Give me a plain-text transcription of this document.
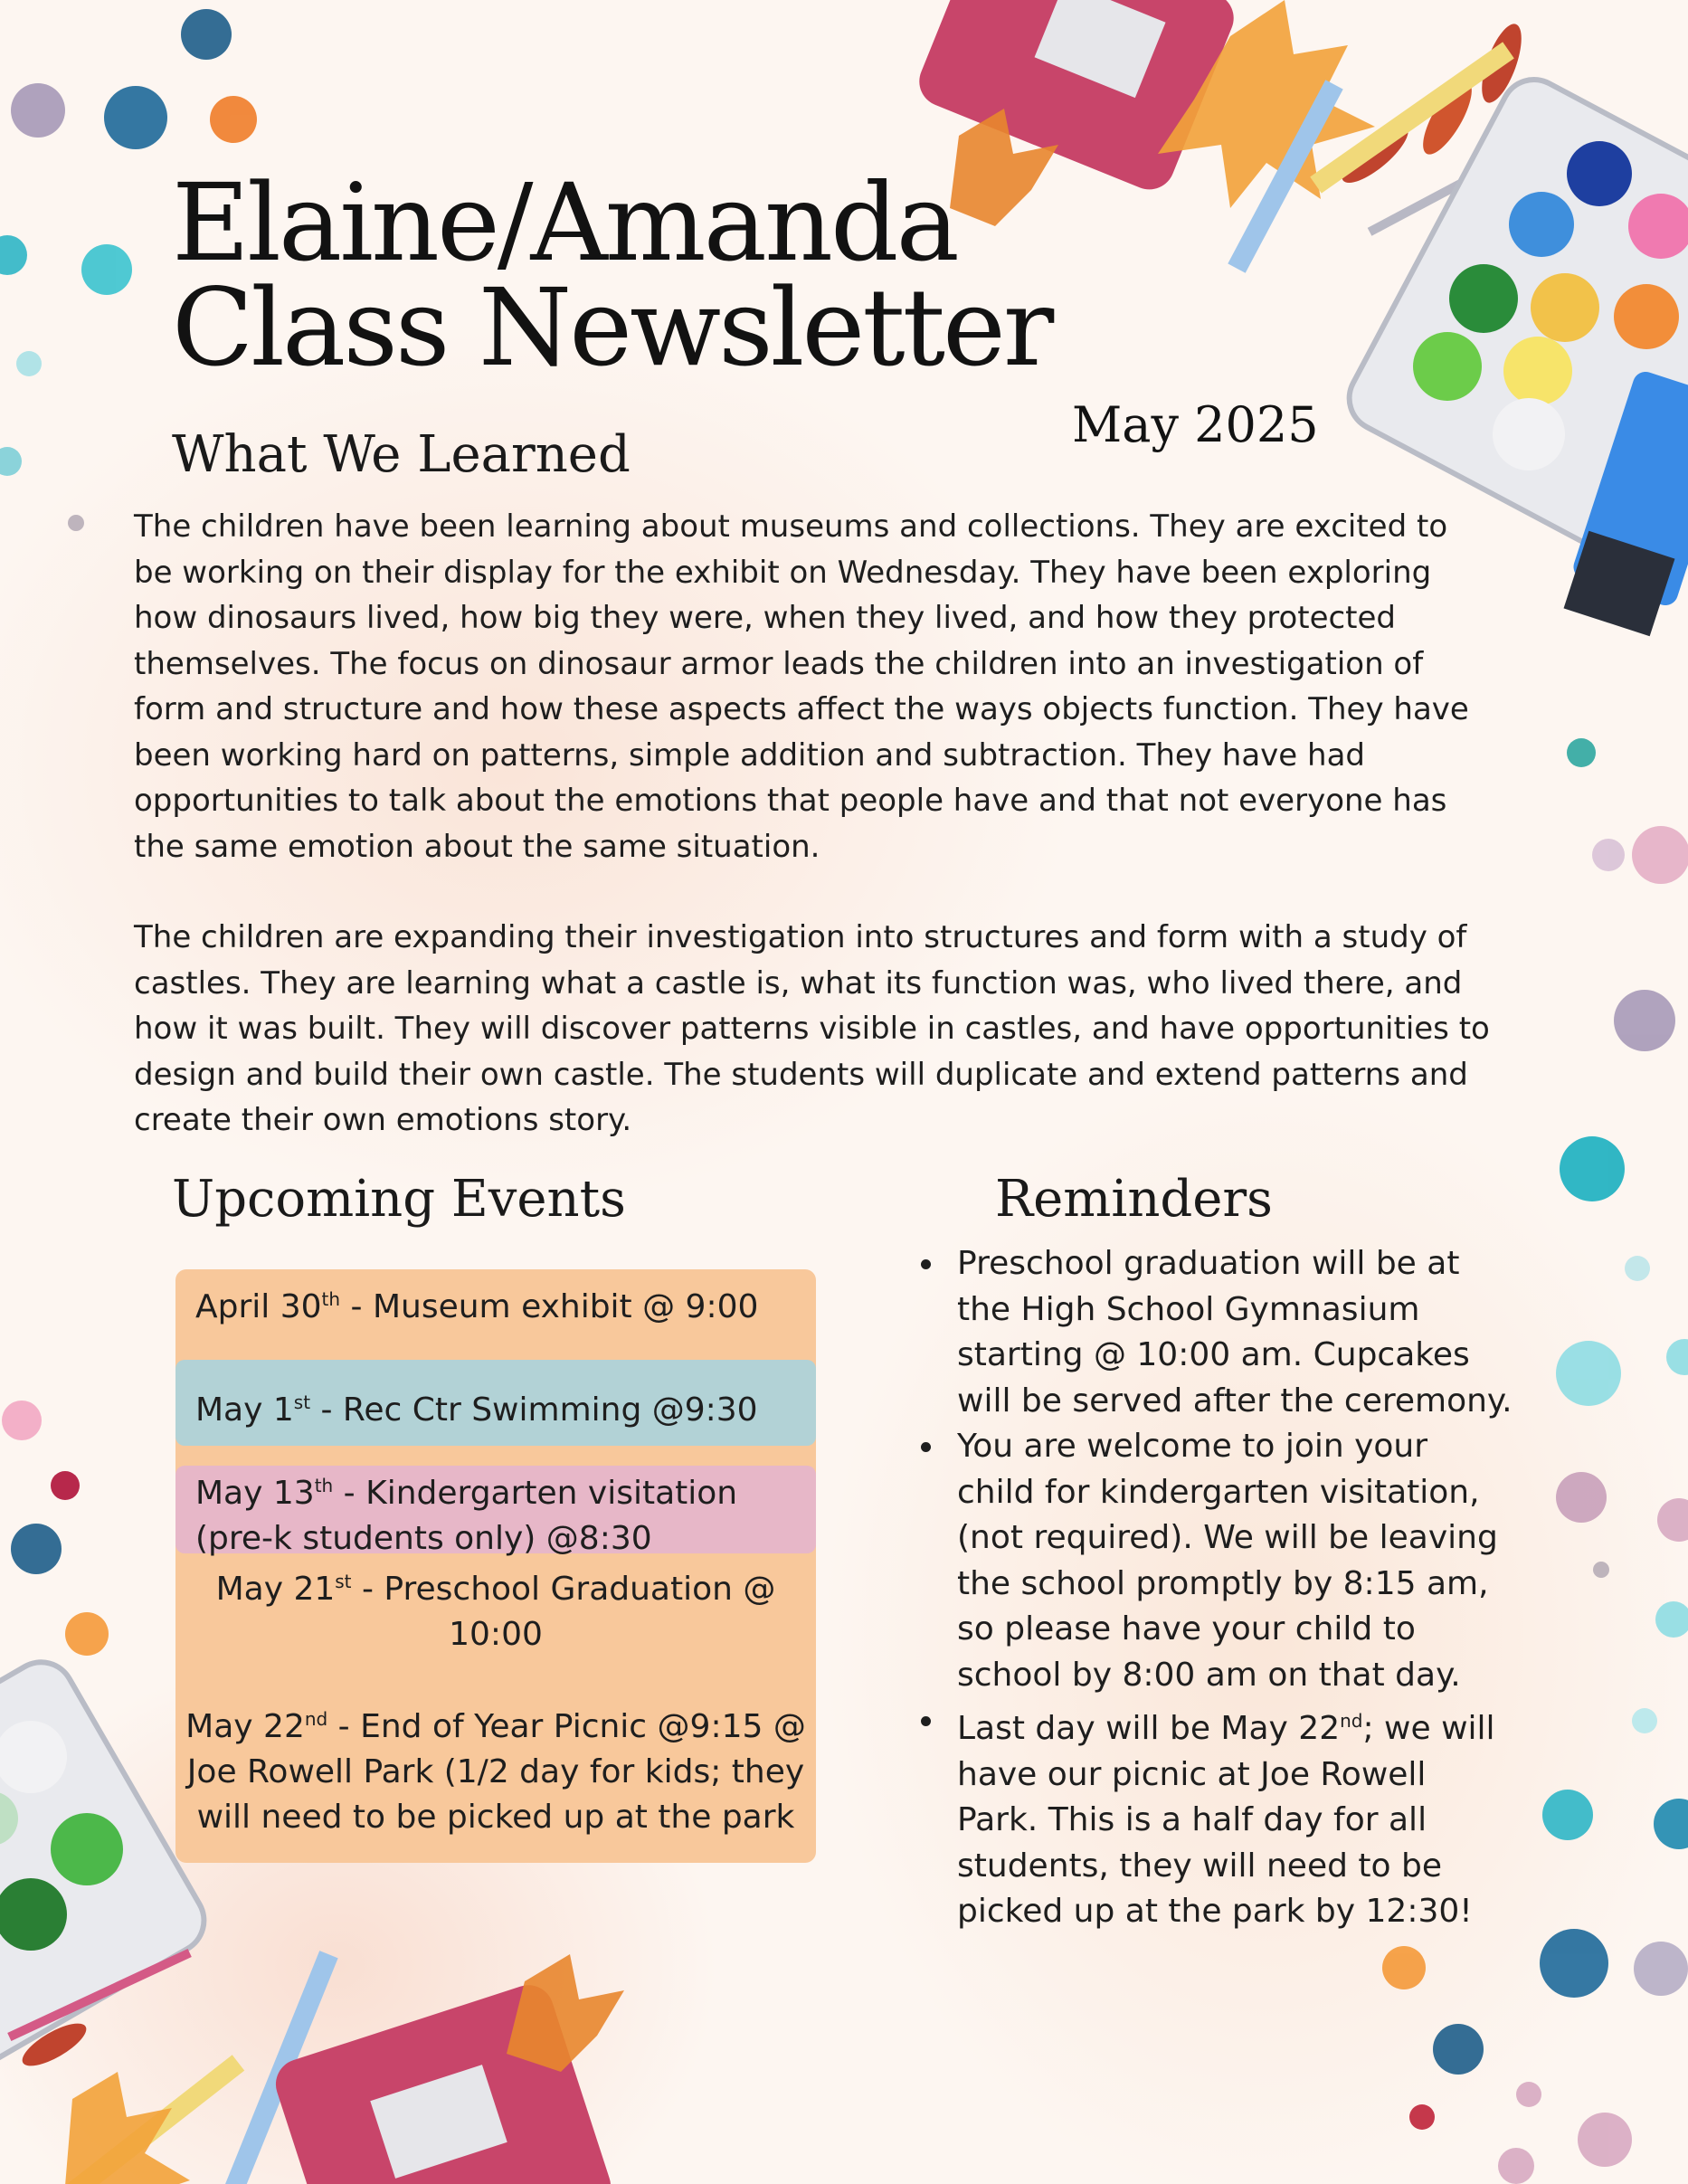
Elaine/Amanda
Class Newsletter
May 2025
What We Learned

The children have been learning about museums and collections. They are excited to be working on their display for the exhibit on Wednesday. They have been exploring how dinosaurs lived, how big they were, when they lived, and how they protected themselves. The focus on dinosaur armor leads the children into an investigation of form and structure and how these aspects affect the ways objects function. They have been working hard on patterns, simple addition and subtraction. They have had opportunities to talk about the emotions that people have and that not everyone has the same emotion about the same situation.

The children are expanding their investigation into structures and form with a study of castles. They are learning what a castle is, what its function was, who lived there, and how it was built. They will discover patterns visible in castles, and have opportunities to design and build their own castle. The students will duplicate and extend patterns and create their own emotions story.

Upcoming Events
April 30th - Museum exhibit @ 9:00
May 1st - Rec Ctr Swimming @9:30
May 13th - Kindergarten visitation (pre-k students only) @8:30
May 21st - Preschool Graduation @ 10:00
May 22nd - End of Year Picnic @9:15 @ Joe Rowell Park (1/2 day for kids; they will need to be picked up at the park
Reminders
Preschool graduation will be at the High School Gymnasium starting @ 10:00 am. Cupcakes will be served after the ceremony.
You are welcome to join your child for kindergarten visitation, (not required). We will be leaving the school promptly by 8:15 am, so please have your child to school by 8:00 am on that day.
Last day will be May 22nd; we will have our picnic at Joe Rowell Park. This is a half day for all students, they will need to be picked up at the park by 12:30!
